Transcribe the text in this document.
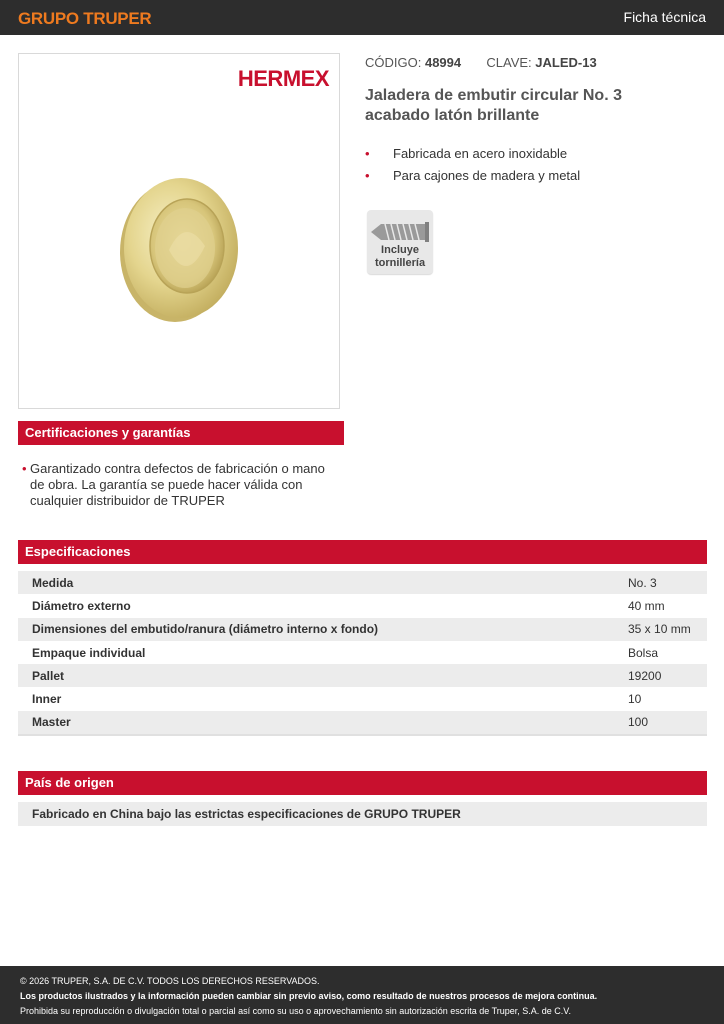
GRUPO TRUPER	Ficha técnica
HERMEX
CÓDIGO: 48994 CLAVE: JALED-13
Jaladera de embutir circular No. 3
acabado latón brillante
• Fabricada en acero inoxidable
• Para cajones de madera y metal
Incluye
tornillería
Certificaciones y garantías
• Garantizado contra defectos de fabricación o mano de obra. La garantía se puede hacer válida con cualquier distribuidor de TRUPER
Especificaciones
Medida	No. 3
Diámetro externo	40 mm
Dimensiones del embutido/ranura (diámetro interno x fondo)	35 x 10 mm
Empaque individual	Bolsa
Pallet	19200
Inner	10
Master	100
País de origen
Fabricado en China bajo las estrictas especificaciones de GRUPO TRUPER
© 2026 TRUPER, S.A. DE C.V. TODOS LOS DERECHOS RESERVADOS.
Los productos ilustrados y la información pueden cambiar sin previo aviso, como resultado de nuestros procesos de mejora continua.
Prohibida su reproducción o divulgación total o parcial así como su uso o aprovechamiento sin autorización escrita de Truper, S.A. de C.V.
